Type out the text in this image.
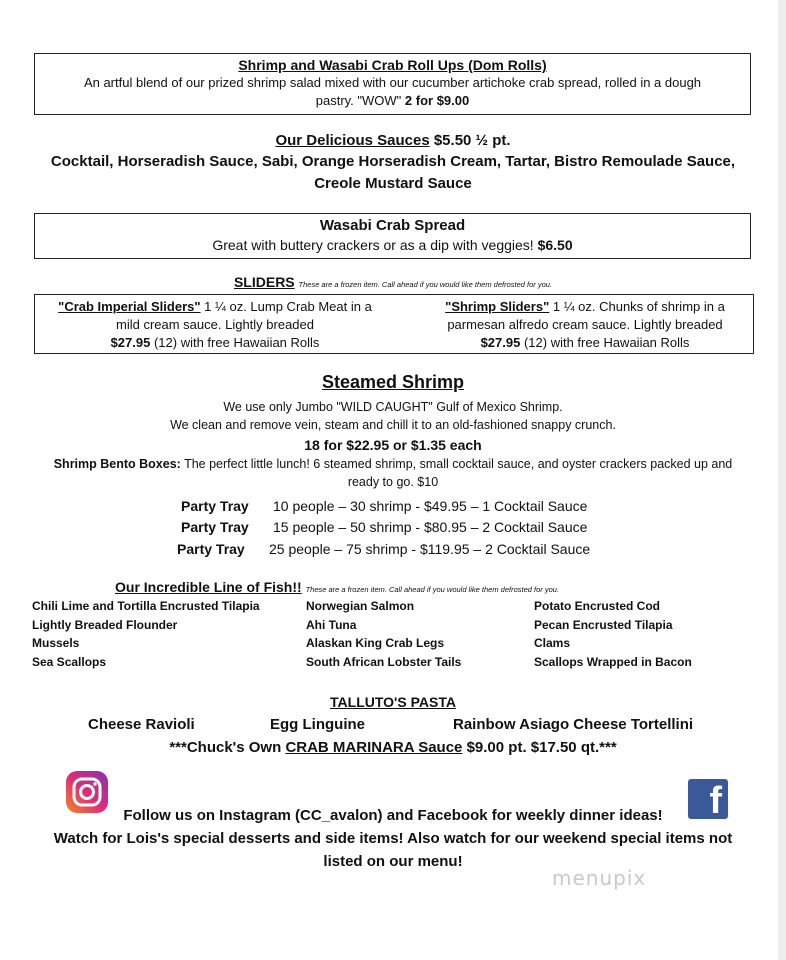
Shrimp and Wasabi Crab Roll Ups (Dom Rolls)
An artful blend of our prized shrimp salad mixed with our cucumber artichoke crab spread, rolled in a dough
pastry. "WOW" 2 for $9.00
Our Delicious Sauces $5.50 ½ pt.
Cocktail, Horseradish Sauce, Sabi, Orange Horseradish Cream, Tartar, Bistro Remoulade Sauce,
Creole Mustard Sauce
Wasabi Crab Spread
Great with buttery crackers or as a dip with veggies! $6.50
SLIDERS These are a frozen item. Call ahead if you would like them defrosted for you.
"Crab Imperial Sliders" 1 ¼ oz. Lump Crab Meat in a
mild cream sauce. Lightly breaded
$27.95 (12) with free Hawaiian Rolls
"Shrimp Sliders" 1 ¼ oz. Chunks of shrimp in a
parmesan alfredo cream sauce. Lightly breaded
$27.95 (12) with free Hawaiian Rolls
Steamed Shrimp
We use only Jumbo "WILD CAUGHT" Gulf of Mexico Shrimp.
We clean and remove vein, steam and chill it to an old-fashioned snappy crunch.
18 for $22.95 or $1.35 each
Shrimp Bento Boxes: The perfect little lunch! 6 steamed shrimp, small cocktail sauce, and oyster crackers packed up and
ready to go. $10
Party Tray 10 people – 30 shrimp - $49.95 – 1 Cocktail Sauce
Party Tray 15 people – 50 shrimp - $80.95 – 2 Cocktail Sauce
Party Tray 25 people – 75 shrimp - $119.95 – 2 Cocktail Sauce
Our Incredible Line of Fish!! These are a frozen item. Call ahead if you would like them defrosted for you.
Chili Lime and Tortilla Encrusted Tilapia	Norwegian Salmon	Potato Encrusted Cod
Lightly Breaded Flounder	Ahi Tuna	Pecan Encrusted Tilapia
Mussels	Alaskan King Crab Legs	Clams
Sea Scallops	South African Lobster Tails	Scallops Wrapped in Bacon
TALLUTO'S PASTA
Cheese Ravioli	Egg Linguine	Rainbow Asiago Cheese Tortellini
***Chuck's Own CRAB MARINARA Sauce $9.00 pt. $17.50 qt.***
f
Follow us on Instagram (CC_avalon) and Facebook for weekly dinner ideas!
Watch for Lois's special desserts and side items! Also watch for our weekend special items not
listed on our menu!
menupix
